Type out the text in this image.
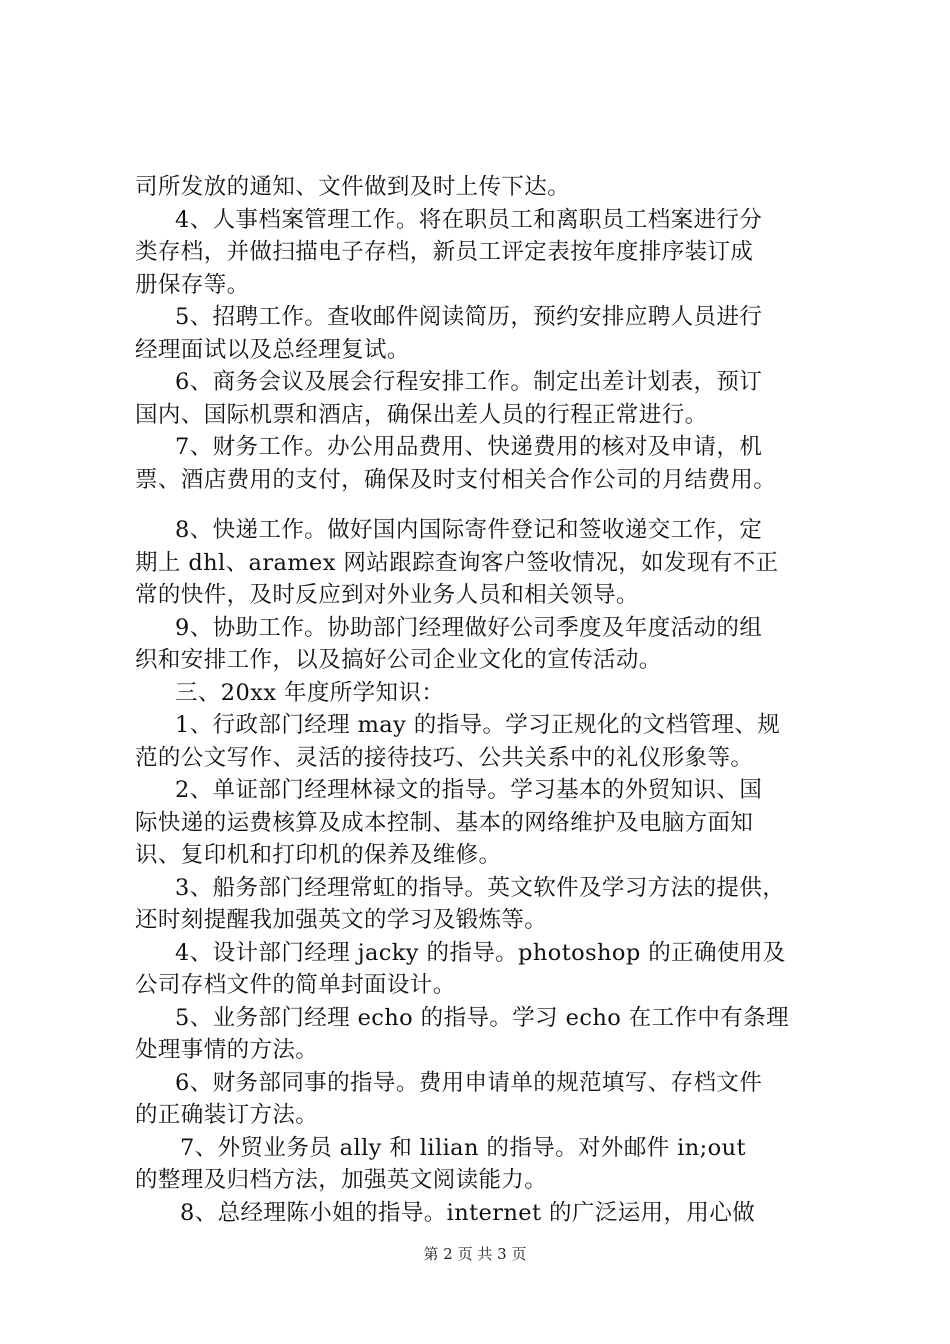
司所发放的通知、文件做到及时上传下达。
4、人事档案管理工作。将在职员工和离职员工档案进行分
类存档，并做扫描电子存档，新员工评定表按年度排序装订成
册保存等。
5、招聘工作。查收邮件阅读简历，预约安排应聘人员进行
经理面试以及总经理复试。
6、商务会议及展会行程安排工作。制定出差计划表，预订
国内、国际机票和酒店，确保出差人员的行程正常进行。
7、财务工作。办公用品费用、快递费用的核对及申请，机
票、酒店费用的支付，确保及时支付相关合作公司的月结费用。
8、快递工作。做好国内国际寄件登记和签收递交工作，定
期上 dhl、aramex 网站跟踪查询客户签收情况，如发现有不正
常的快件，及时反应到对外业务人员和相关领导。
9、协助工作。协助部门经理做好公司季度及年度活动的组
织和安排工作，以及搞好公司企业文化的宣传活动。
三、20xx 年度所学知识：
1、行政部门经理 may 的指导。学习正规化的文档管理、规
范的公文写作、灵活的接待技巧、公共关系中的礼仪形象等。
2、单证部门经理林禄文的指导。学习基本的外贸知识、国
际快递的运费核算及成本控制、基本的网络维护及电脑方面知
识、复印机和打印机的保养及维修。
3、船务部门经理常虹的指导。英文软件及学习方法的提供，
还时刻提醒我加强英文的学习及锻炼等。
4、设计部门经理 jacky 的指导。photoshop 的正确使用及
公司存档文件的简单封面设计。
5、业务部门经理 echo 的指导。学习 echo 在工作中有条理
处理事情的方法。
6、财务部同事的指导。费用申请单的规范填写、存档文件
的正确装订方法。
7、外贸业务员 ally 和 lilian 的指导。对外邮件 in;out
的整理及归档方法，加强英文阅读能力。
8、总经理陈小姐的指导。internet 的广泛运用，用心做
第 2 页 共 3 页
